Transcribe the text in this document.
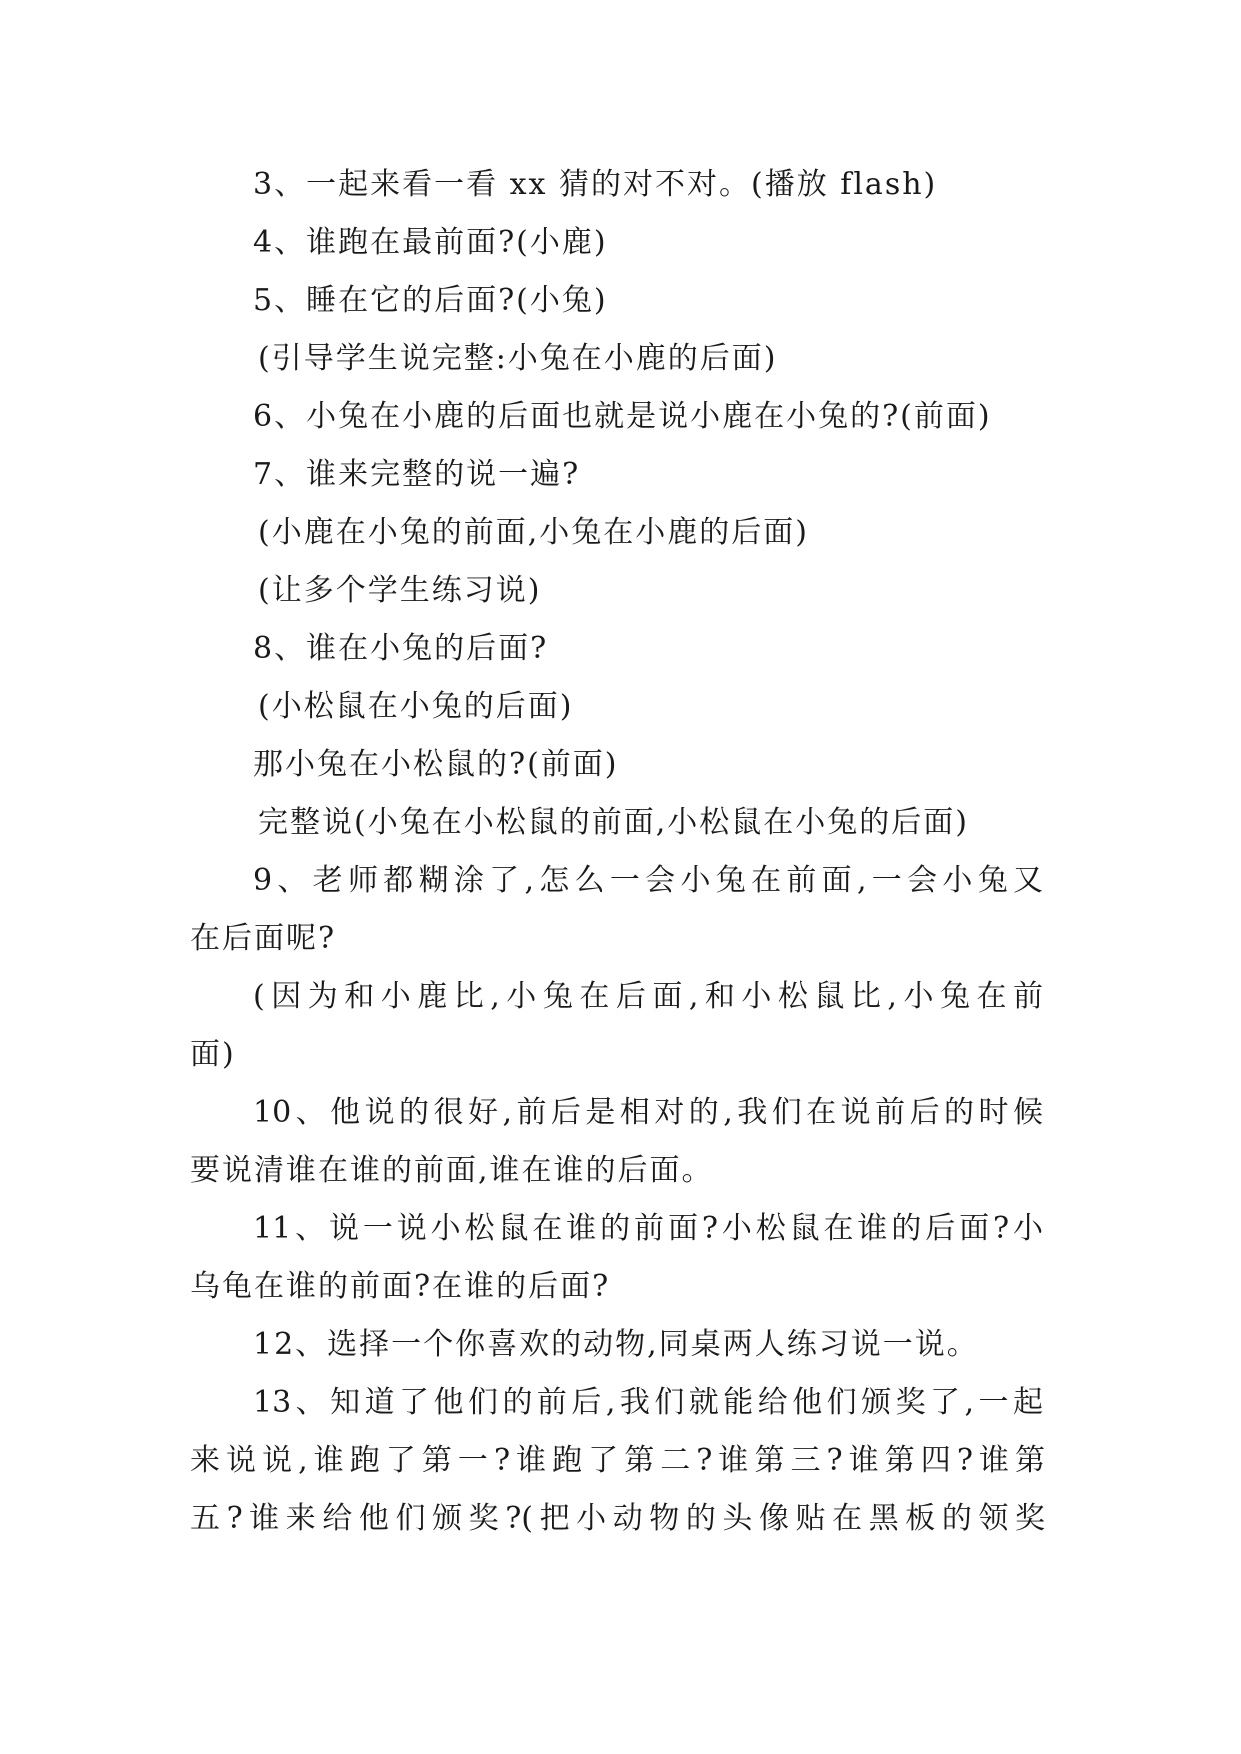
3、一起来看一看 xx 猜的对不对。(播放 flash)
4、谁跑在最前面?(小鹿)
5、睡在它的后面?(小兔)
(引导学生说完整:小兔在小鹿的后面)
6、小兔在小鹿的后面也就是说小鹿在小兔的?(前面)
7、谁来完整的说一遍?
(小鹿在小兔的前面,小兔在小鹿的后面)
(让多个学生练习说)
8、谁在小兔的后面?
(小松鼠在小兔的后面)
那小兔在小松鼠的?(前面)
完整说(小兔在小松鼠的前面,小松鼠在小兔的后面)
9、老师都糊涂了,怎么一会小兔在前面,一会小兔又
在后面呢?
(因为和小鹿比,小兔在后面,和小松鼠比,小兔在前
面)
10、他说的很好,前后是相对的,我们在说前后的时候
要说清谁在谁的前面,谁在谁的后面。
11、说一说小松鼠在谁的前面?小松鼠在谁的后面?小
乌龟在谁的前面?在谁的后面?
12、选择一个你喜欢的动物,同桌两人练习说一说。
13、知道了他们的前后,我们就能给他们颁奖了,一起
来说说,谁跑了第一?谁跑了第二?谁第三?谁第四?谁第
五?谁来给他们颁奖?(把小动物的头像贴在黑板的领奖
